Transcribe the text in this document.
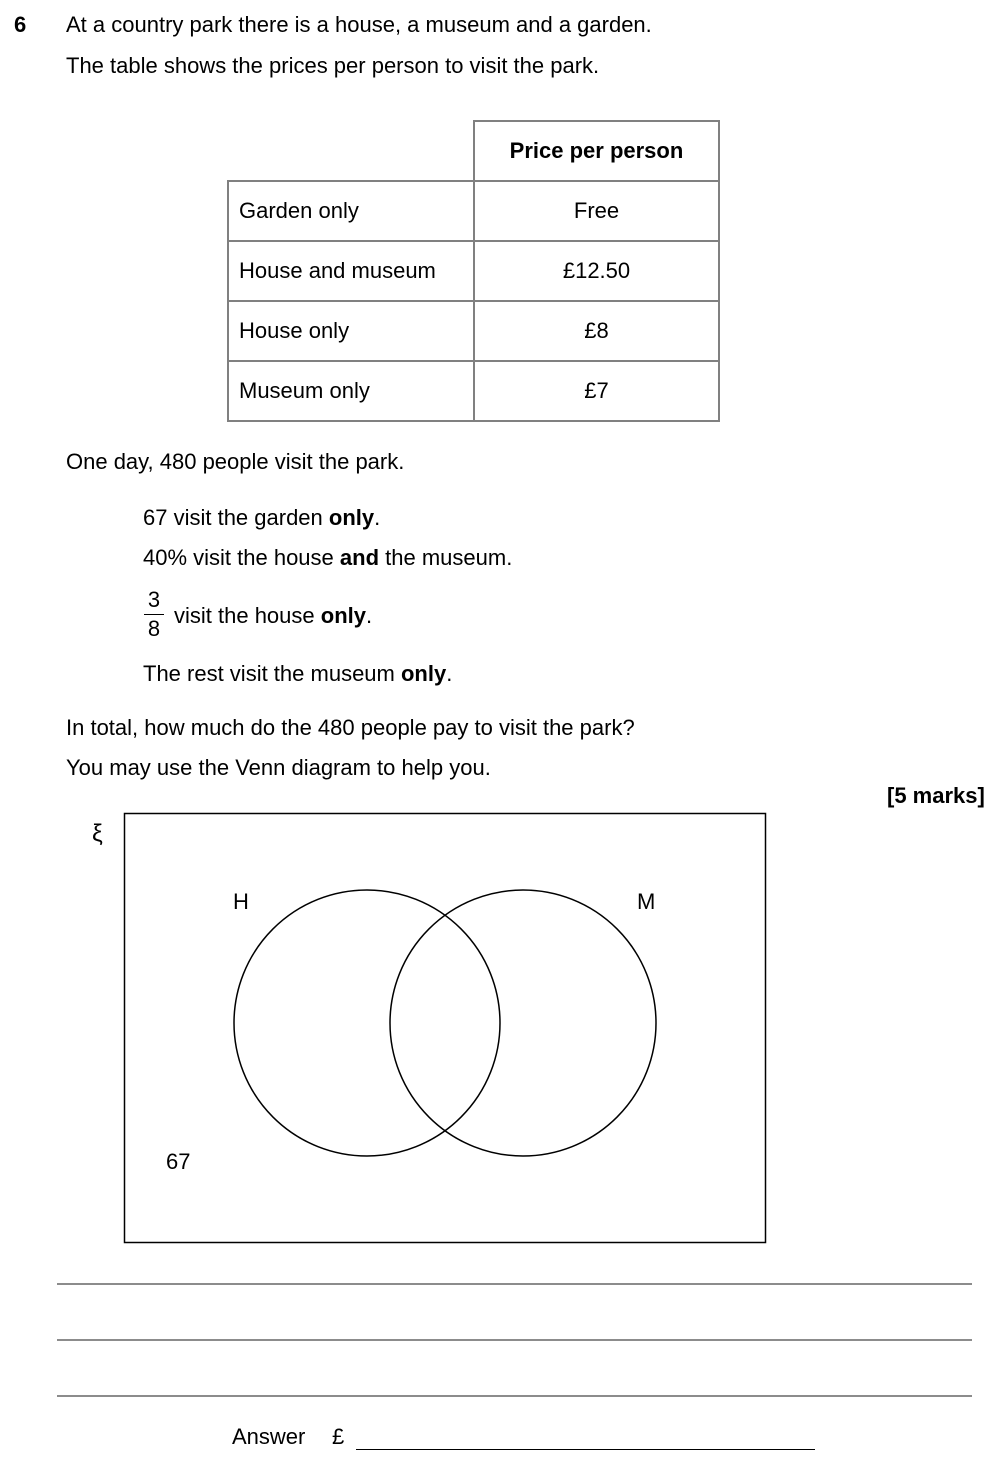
6 At a country park there is a house, a museum and a garden.
The table shows the prices per person to visit the park.
	Price per person
Garden only	Free
House and museum	£12.50
House only	£8
Museum only	£7
One day, 480 people visit the park.
67 visit the garden only.
40% visit the house and the museum.
3
8
visit the house only.
The rest visit the museum only.
In total, how much do the 480 people pay to visit the park?
You may use the Venn diagram to help you.
[5 marks]
ξ
H	M
67
Answer £
